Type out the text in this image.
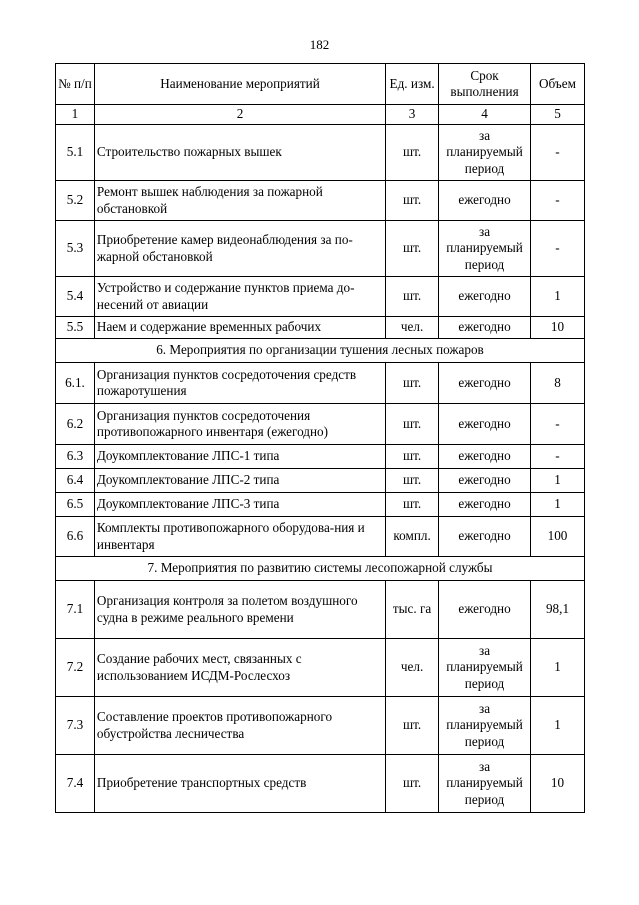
182
№ п/п	Наименование мероприятий	Ед. изм.	Срок выполнения	Объем
1	2	3	4	5
5.1	Строительство пожарных вышек	шт.	за планируемый период	-
5.2	Ремонт вышек наблюдения за пожарной обстановкой	шт.	ежегодно	-
5.3	Приобретение камер видеонаблюдения за по-жарной обстановкой	шт.	за планируемый период	-
5.4	Устройство и содержание пунктов приема до-несений от авиации	шт.	ежегодно	1
5.5	Наем и содержание временных рабочих	чел.	ежегодно	10
6. Мероприятия по организации тушения лесных пожаров				
6.1.	Организация пунктов сосредоточения средств пожаротушения	шт.	ежегодно	8
6.2	Организация пунктов сосредоточения противопожарного инвентаря (ежегодно)	шт.	ежегодно	-
6.3	Доукомплектование ЛПС-1 типа	шт.	ежегодно	-
6.4	Доукомплектование ЛПС-2 типа	шт.	ежегодно	1
6.5	Доукомплектование ЛПС-3 типа	шт.	ежегодно	1
6.6	Комплекты противопожарного оборудова-ния и инвентаря	компл.	ежегодно	100
7. Мероприятия по развитию системы лесопожарной службы				
7.1	Организация контроля за полетом воздушного судна в режиме реального времени	тыс. га	ежегодно	98,1
7.2	Создание рабочих мест, связанных с использованием ИСДМ-Рослесхоз	чел.	за планируемый период	1
7.3	Составление проектов противопожарного обустройства лесничества	шт.	за планируемый период	1
7.4	Приобретение транспортных средств	шт.	за планируемый период	10
